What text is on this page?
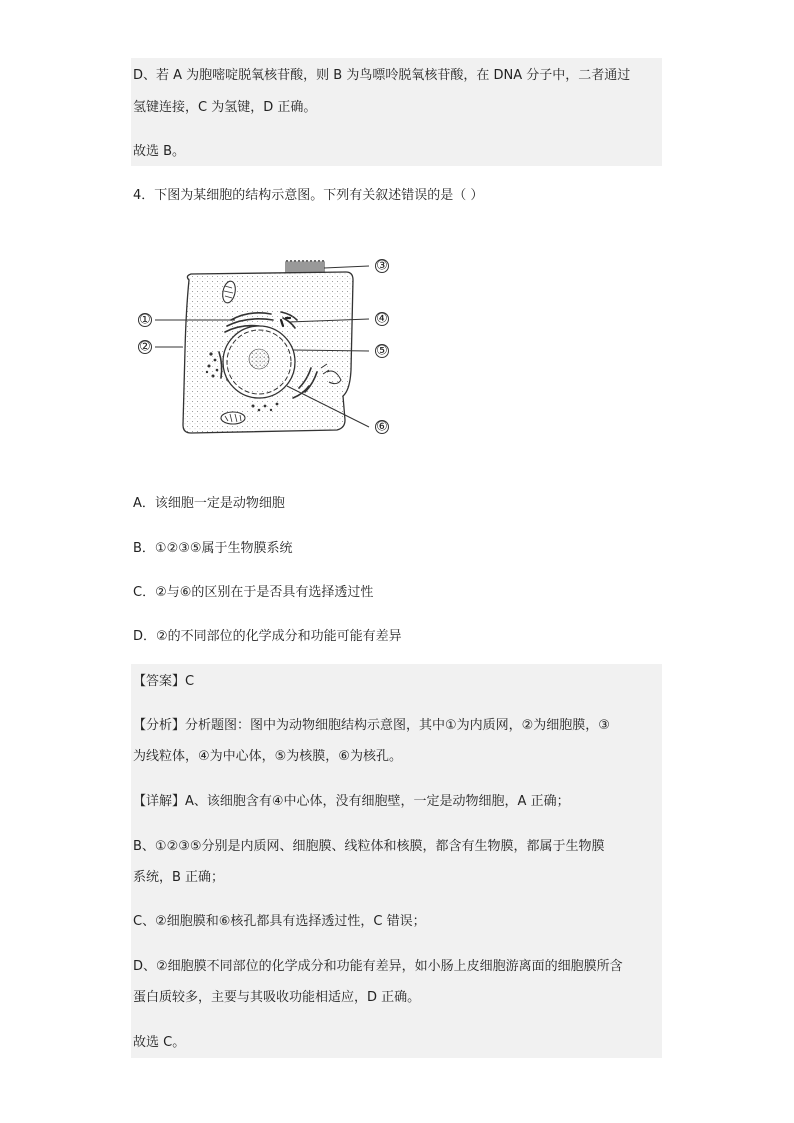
D、若 A 为胞嘧啶脱氧核苷酸，则 B 为鸟嘌呤脱氧核苷酸，在 DNA 分子中，二者通过
氢键连接，C 为氢键，D 正确。
故选 B。
4．下图为某细胞的结构示意图。下列有关叙述错误的是（ ）
①
②
③
④
⑤
⑥
A．该细胞一定是动物细胞
B．①②③⑤属于生物膜系统
C．②与⑥的区别在于是否具有选择透过性
D．②的不同部位的化学成分和功能可能有差异
【答案】C
【分析】分析题图：图中为动物细胞结构示意图，其中①为内质网，②为细胞膜，③
为线粒体，④为中心体，⑤为核膜，⑥为核孔。
【详解】A、该细胞含有④中心体，没有细胞壁，一定是动物细胞，A 正确；
B、①②③⑤分别是内质网、细胞膜、线粒体和核膜，都含有生物膜，都属于生物膜
系统，B 正确；
C、②细胞膜和⑥核孔都具有选择透过性，C 错误；
D、②细胞膜不同部位的化学成分和功能有差异，如小肠上皮细胞游离面的细胞膜所含
蛋白质较多，主要与其吸收功能相适应，D 正确。
故选 C。
